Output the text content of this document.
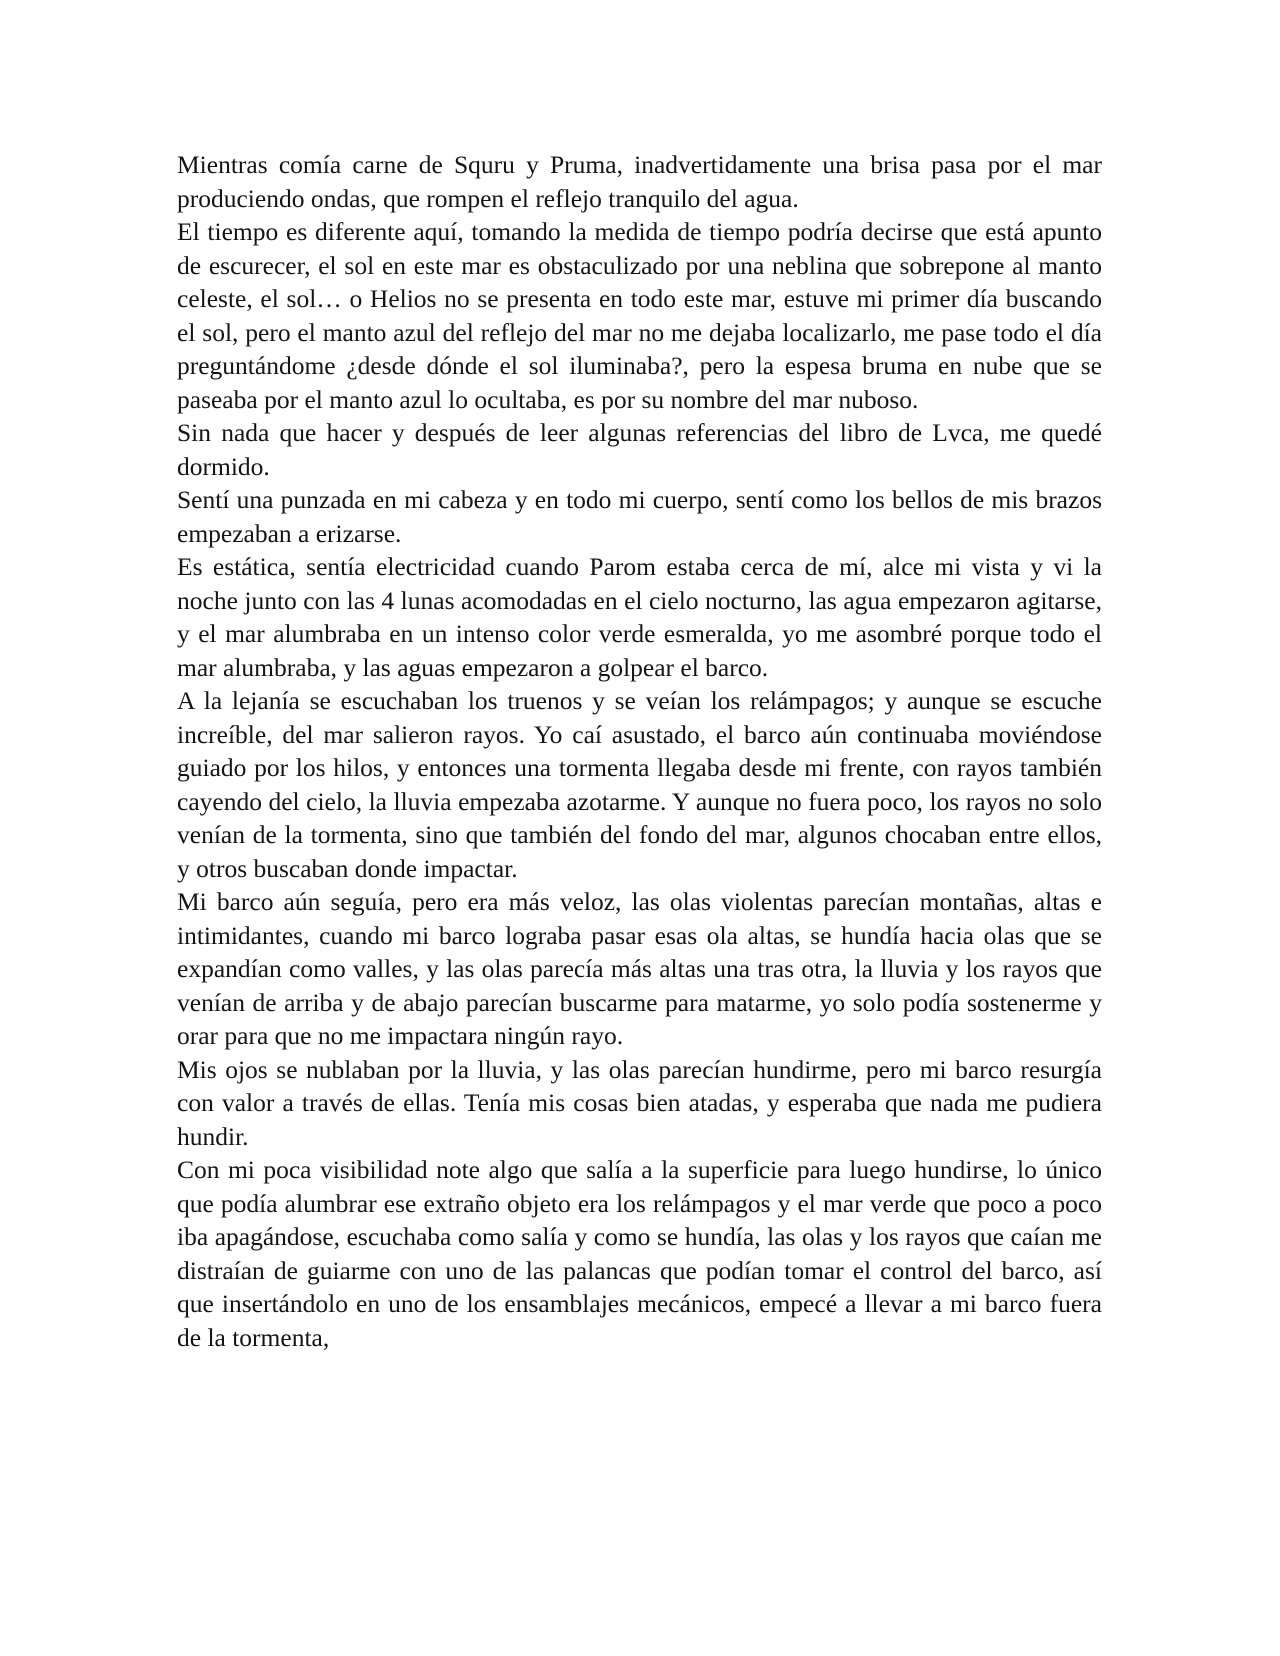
Mientras comía carne de Squru y Pruma, inadvertidamente una brisa pasa por el mar produciendo ondas, que rompen el reflejo tranquilo del agua.

El tiempo es diferente aquí, tomando la medida de tiempo podría decirse que está apunto de escurecer, el sol en este mar es obstaculizado por una neblina que sobrepone al manto celeste, el sol… o Helios no se presenta en todo este mar, estuve mi primer día buscando el sol, pero el manto azul del reflejo del mar no me dejaba localizarlo, me pase todo el día preguntándome ¿desde dónde el sol iluminaba?, pero la espesa bruma en nube que se paseaba por el manto azul lo ocultaba, es por su nombre del mar nuboso.

Sin nada que hacer y después de leer algunas referencias del libro de Lvca, me quedé dormido.

Sentí una punzada en mi cabeza y en todo mi cuerpo, sentí como los bellos de mis brazos empezaban a erizarse.

Es estática, sentía electricidad cuando Parom estaba cerca de mí, alce mi vista y vi la noche junto con las 4 lunas acomodadas en el cielo nocturno, las agua empezaron agitarse, y el mar alumbraba en un intenso color verde esmeralda, yo me asombré porque todo el mar alumbraba, y las aguas empezaron a golpear el barco.

A la lejanía se escuchaban los truenos y se veían los relámpagos; y aunque se escuche increíble, del mar salieron rayos. Yo caí asustado, el barco aún continuaba moviéndose guiado por los hilos, y entonces una tormenta llegaba desde mi frente, con rayos también cayendo del cielo, la lluvia empezaba azotarme. Y aunque no fuera poco, los rayos no solo venían de la tormenta, sino que también del fondo del mar, algunos chocaban entre ellos, y otros buscaban donde impactar.

Mi barco aún seguía, pero era más veloz, las olas violentas parecían montañas, altas e intimidantes, cuando mi barco lograba pasar esas ola altas, se hundía hacia olas que se expandían como valles, y las olas parecía más altas una tras otra, la lluvia y los rayos que venían de arriba y de abajo parecían buscarme para matarme, yo solo podía sostenerme y orar para que no me impactara ningún rayo.

Mis ojos se nublaban por la lluvia, y las olas parecían hundirme, pero mi barco resurgía con valor a través de ellas. Tenía mis cosas bien atadas, y esperaba que nada me pudiera hundir.

Con mi poca visibilidad note algo que salía a la superficie para luego hundirse, lo único que podía alumbrar ese extraño objeto era los relámpagos y el mar verde que poco a poco iba apagándose, escuchaba como salía y como se hundía, las olas y los rayos que caían me distraían de guiarme con uno de las palancas que podían tomar el control del barco, así que insertándolo en uno de los ensamblajes mecánicos, empecé a llevar a mi barco fuera de la tormenta,
